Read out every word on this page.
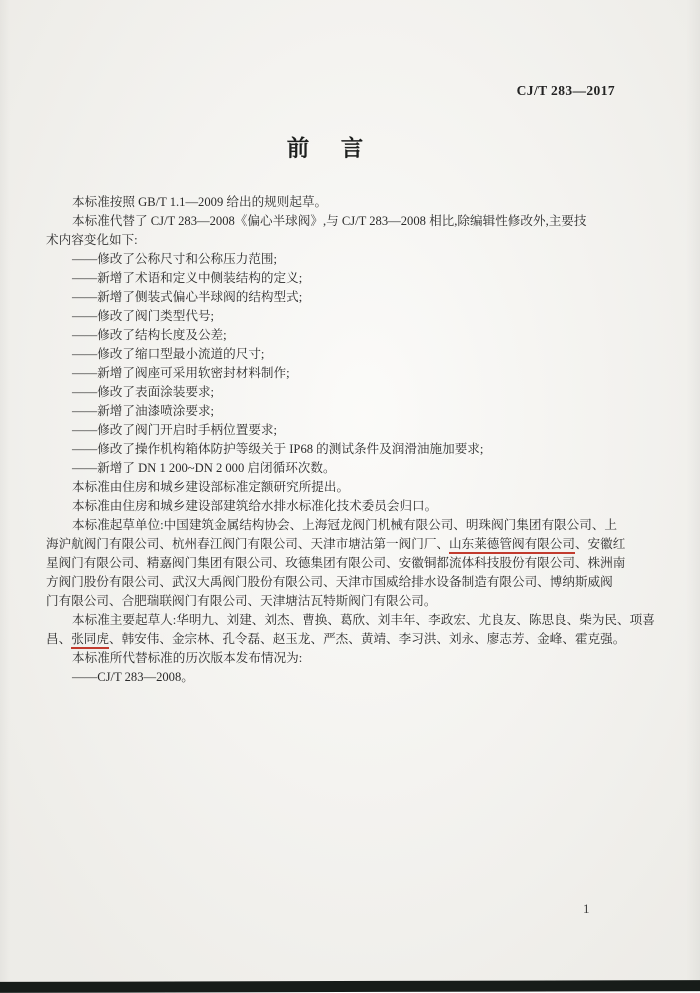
CJ/T 283—2017
前言
本标准按照 GB/T 1.1—2009 给出的规则起草。
本标准代替了 CJ/T 283—2008《偏心半球阀》,与 CJ/T 283—2008 相比,除编辑性修改外,主要技
术内容变化如下:
——修改了公称尺寸和公称压力范围;
——新增了术语和定义中侧装结构的定义;
——新增了侧装式偏心半球阀的结构型式;
——修改了阀门类型代号;
——修改了结构长度及公差;
——修改了缩口型最小流道的尺寸;
——新增了阀座可采用软密封材料制作;
——修改了表面涂装要求;
——新增了油漆喷涂要求;
——修改了阀门开启时手柄位置要求;
——修改了操作机构箱体防护等级关于 IP68 的测试条件及润滑油施加要求;
——新增了 DN 1 200~DN 2 000 启闭循环次数。
本标准由住房和城乡建设部标准定额研究所提出。
本标准由住房和城乡建设部建筑给水排水标准化技术委员会归口。
本标准起草单位:中国建筑金属结构协会、上海冠龙阀门机械有限公司、明珠阀门集团有限公司、上
海沪航阀门有限公司、杭州春江阀门有限公司、天津市塘沽第一阀门厂、山东莱德管阀有限公司、安徽红
星阀门有限公司、精嘉阀门集团有限公司、玫德集团有限公司、安徽铜都流体科技股份有限公司、株洲南
方阀门股份有限公司、武汉大禹阀门股份有限公司、天津市国威给排水设备制造有限公司、博纳斯威阀
门有限公司、合肥瑞联阀门有限公司、天津塘沽瓦特斯阀门有限公司。
本标准主要起草人:华明九、刘建、刘杰、曹换、葛欣、刘丰年、李政宏、尤良友、陈思良、柴为民、项喜
昌、张同虎、韩安伟、金宗林、孔令磊、赵玉龙、严杰、黄靖、李习洪、刘永、廖志芳、金峰、霍克强。
本标准所代替标准的历次版本发布情况为:
——CJ/T 283—2008。
1
